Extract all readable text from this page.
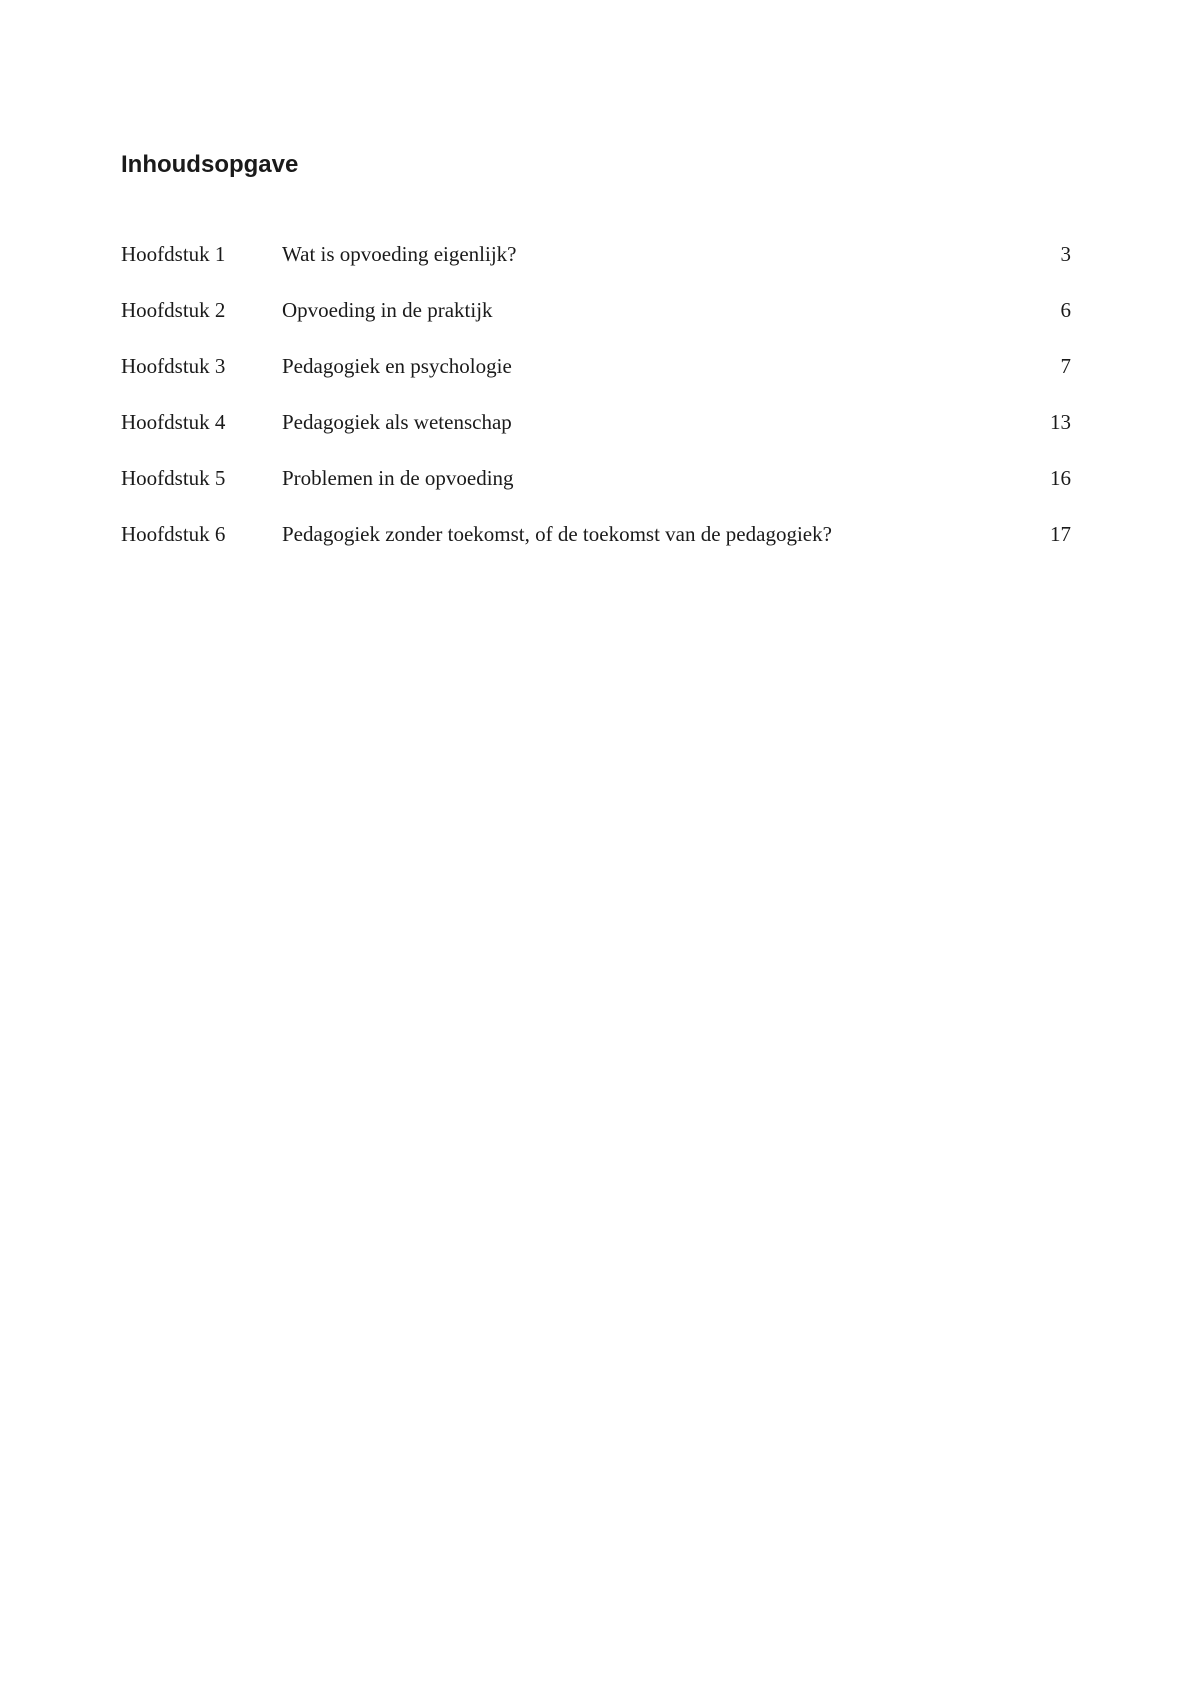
Inhoudsopgave
Hoofdstuk 1	Wat is opvoeding eigenlijk?	3
Hoofdstuk 2	Opvoeding in de praktijk	6
Hoofdstuk 3	Pedagogiek en psychologie	7
Hoofdstuk 4	Pedagogiek als wetenschap	13
Hoofdstuk 5	Problemen in de opvoeding	16
Hoofdstuk 6	Pedagogiek zonder toekomst, of de toekomst van de pedagogiek?	17
